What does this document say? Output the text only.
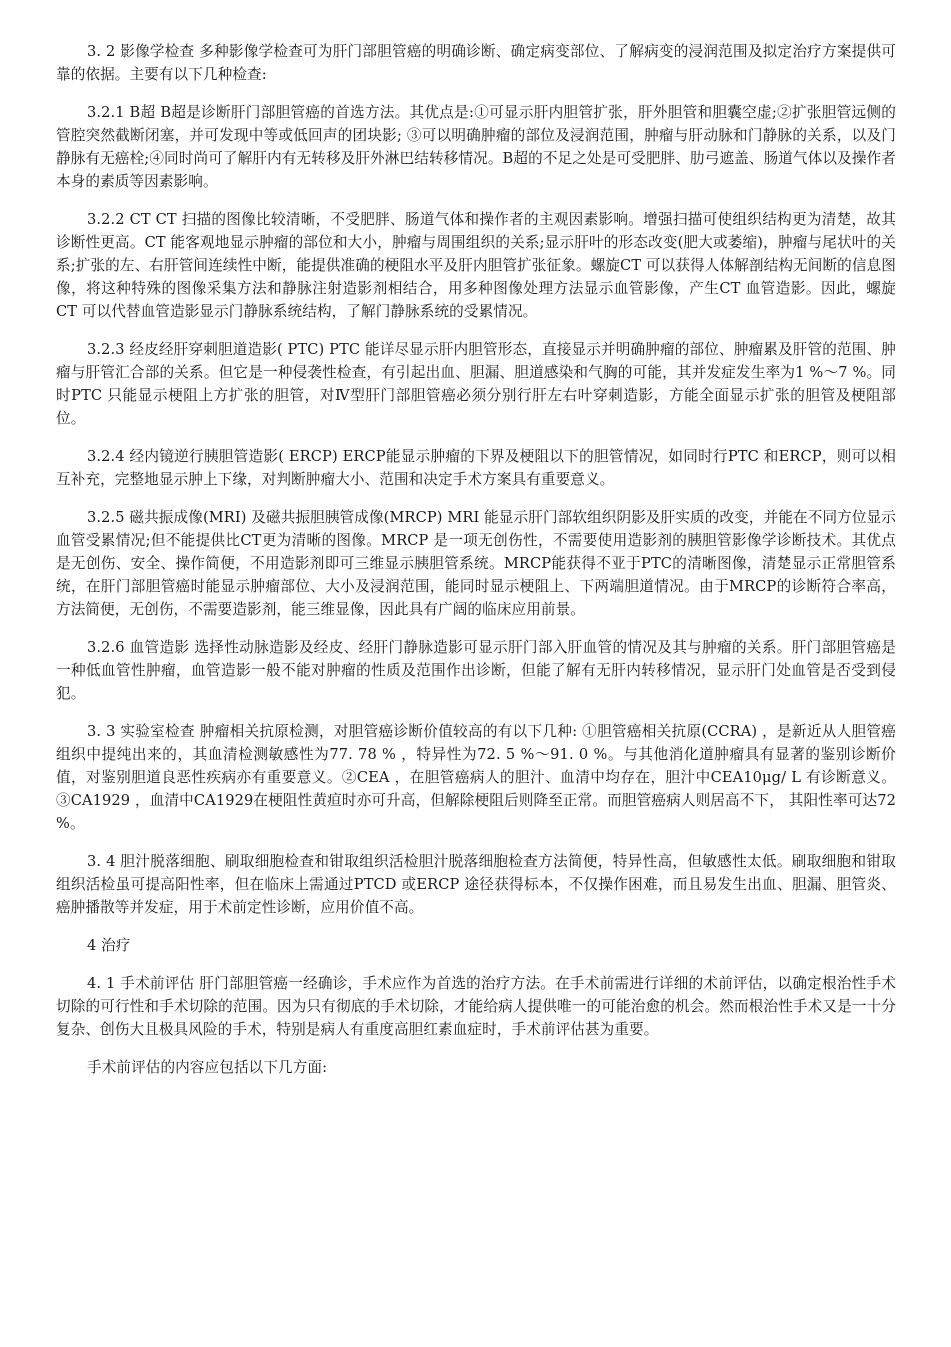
3. 2 影像学检查 多种影像学检查可为肝门部胆管癌的明确诊断、确定病变部位、了解病变的浸润范围及拟定治疗方案提供可靠的依据。主要有以下几种检查:

3.2.1 B超 B超是诊断肝门部胆管癌的首选方法。其优点是:①可显示肝内胆管扩张，肝外胆管和胆囊空虚;②扩张胆管远侧的管腔突然截断闭塞，并可发现中等或低回声的团块影; ③可以明确肿瘤的部位及浸润范围，肿瘤与肝动脉和门静脉的关系，以及门静脉有无癌栓;④同时尚可了解肝内有无转移及肝外淋巴结转移情况。B超的不足之处是可受肥胖、肋弓遮盖、肠道气体以及操作者本身的素质等因素影响。

3.2.2 CT CT 扫描的图像比较清晰，不受肥胖、肠道气体和操作者的主观因素影响。增强扫描可使组织结构更为清楚，故其诊断性更高。CT 能客观地显示肿瘤的部位和大小，肿瘤与周围组织的关系;显示肝叶的形态改变(肥大或萎缩)，肿瘤与尾状叶的关系;扩张的左、右肝管间连续性中断，能提供准确的梗阻水平及肝内胆管扩张征象。螺旋CT 可以获得人体解剖结构无间断的信息图像，将这种特殊的图像采集方法和静脉注射造影剂相结合，用多种图像处理方法显示血管影像，产生CT 血管造影。因此，螺旋CT 可以代替血管造影显示门静脉系统结构，了解门静脉系统的受累情况。

3.2.3 经皮经肝穿刺胆道造影( PTC) PTC 能详尽显示肝内胆管形态，直接显示并明确肿瘤的部位、肿瘤累及肝管的范围、肿瘤与肝管汇合部的关系。但它是一种侵袭性检查，有引起出血、胆漏、胆道感染和气胸的可能，其并发症发生率为1 %～7 %。同时PTC 只能显示梗阻上方扩张的胆管，对Ⅳ型肝门部胆管癌必须分别行肝左右叶穿刺造影，方能全面显示扩张的胆管及梗阻部位。

3.2.4 经内镜逆行胰胆管造影( ERCP) ERCP能显示肿瘤的下界及梗阻以下的胆管情况，如同时行PTC 和ERCP，则可以相互补充，完整地显示肿上下缘，对判断肿瘤大小、范围和决定手术方案具有重要意义。

3.2.5 磁共振成像(MRI) 及磁共振胆胰管成像(MRCP) MRI 能显示肝门部软组织阴影及肝实质的改变，并能在不同方位显示血管受累情况;但不能提供比CT更为清晰的图像。MRCP 是一项无创伤性，不需要使用造影剂的胰胆管影像学诊断技术。其优点是无创伤、安全、操作简便，不用造影剂即可三维显示胰胆管系统。MRCP能获得不亚于PTC的清晰图像，清楚显示正常胆管系统，在肝门部胆管癌时能显示肿瘤部位、大小及浸润范围，能同时显示梗阻上、下两端胆道情况。由于MRCP的诊断符合率高，方法简便，无创伤，不需要造影剂，能三维显像，因此具有广阔的临床应用前景。

3.2.6 血管造影 选择性动脉造影及经皮、经肝门静脉造影可显示肝门部入肝血管的情况及其与肿瘤的关系。肝门部胆管癌是一种低血管性肿瘤，血管造影一般不能对肿瘤的性质及范围作出诊断，但能了解有无肝内转移情况，显示肝门处血管是否受到侵犯。

3. 3 实验室检查 肿瘤相关抗原检测，对胆管癌诊断价值较高的有以下几种: ①胆管癌相关抗原(CCRA) ，是新近从人胆管癌组织中提纯出来的，其血清检测敏感性为77. 78 % ，特异性为72. 5 %～91. 0 %。与其他消化道肿瘤具有显著的鉴别诊断价值，对鉴别胆道良恶性疾病亦有重要意义。②CEA ，在胆管癌病人的胆汁、血清中均存在，胆汁中CEA10μg/ L 有诊断意义。③CA1929 ，血清中CA1929在梗阻性黄疸时亦可升高，但解除梗阻后则降至正常。而胆管癌病人则居高不下， 其阳性率可达72 %。

3. 4 胆汁脱落细胞、刷取细胞检查和钳取组织活检胆汁脱落细胞检查方法简便，特异性高，但敏感性太低。刷取细胞和钳取组织活检虽可提高阳性率，但在临床上需通过PTCD 或ERCP 途径获得标本，不仅操作困难，而且易发生出血、胆漏、胆管炎、癌肿播散等并发症，用于术前定性诊断，应用价值不高。

4 治疗

4. 1 手术前评估 肝门部胆管癌一经确诊，手术应作为首选的治疗方法。在手术前需进行详细的术前评估，以确定根治性手术切除的可行性和手术切除的范围。因为只有彻底的手术切除，才能给病人提供唯一的可能治愈的机会。然而根治性手术又是一十分复杂、创伤大且极具风险的手术，特别是病人有重度高胆红素血症时，手术前评估甚为重要。

手术前评估的内容应包括以下几方面:
